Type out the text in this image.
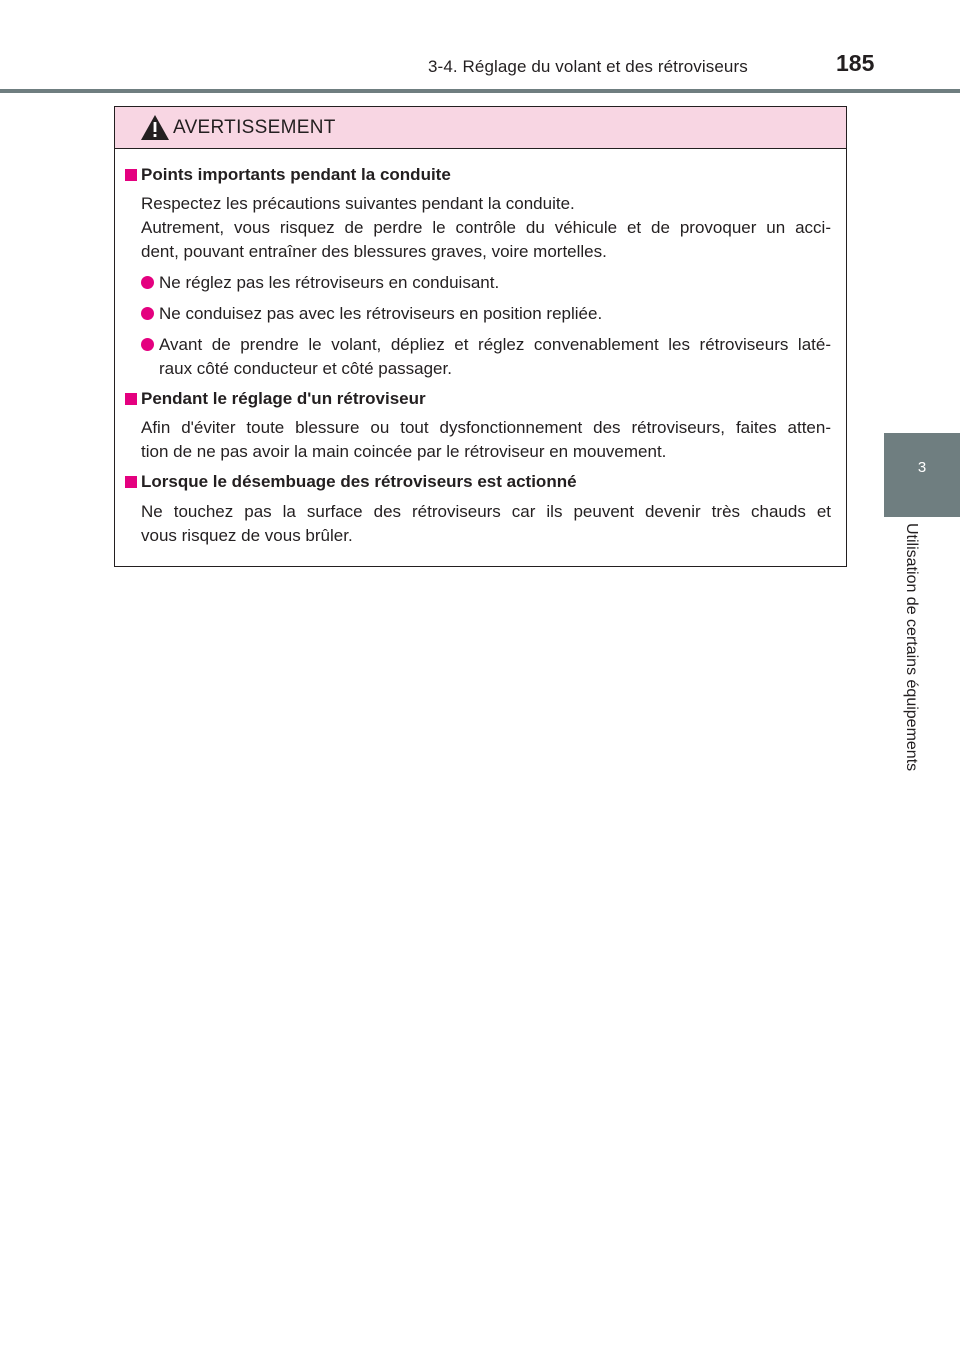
3-4. Réglage du volant et des rétroviseurs	185
3
Utilisation de certains équipements
AVERTISSEMENT
Points importants pendant la conduite
Respectez les précautions suivantes pendant la conduite.
Autrement, vous risquez de perdre le contrôle du véhicule et de provoquer un acci-
dent, pouvant entraîner des blessures graves, voire mortelles.
Ne réglez pas les rétroviseurs en conduisant.
Ne conduisez pas avec les rétroviseurs en position repliée.
Avant de prendre le volant, dépliez et réglez convenablement les rétroviseurs laté-
raux côté conducteur et côté passager.
Pendant le réglage d'un rétroviseur
Afin d'éviter toute blessure ou tout dysfonctionnement des rétroviseurs, faites atten-
tion de ne pas avoir la main coincée par le rétroviseur en mouvement.
Lorsque le désembuage des rétroviseurs est actionné
Ne touchez pas la surface des rétroviseurs car ils peuvent devenir très chauds et
vous risquez de vous brûler.
